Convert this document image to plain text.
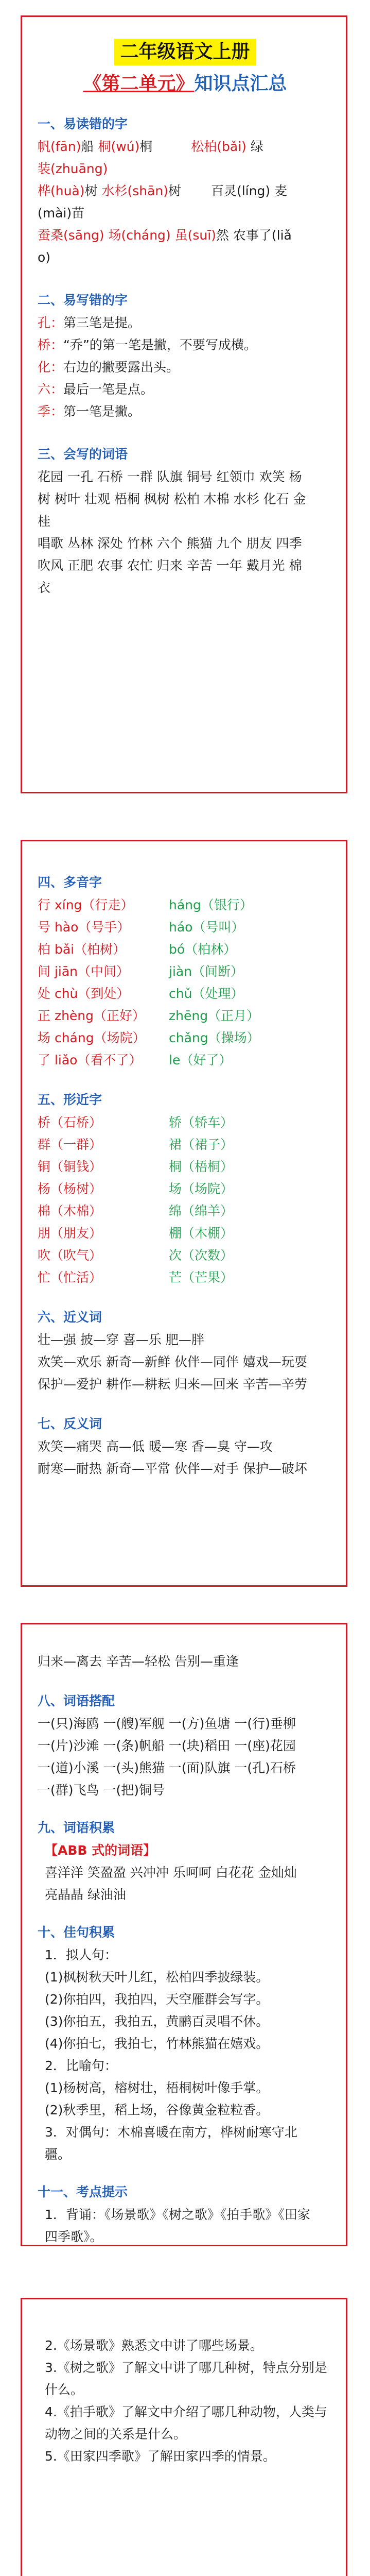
二年级语文上册
《第二单元》知识点汇总
一、易读错的字
帆(fān)船 桐(wú)桐　　　松柏(bǎi) 绿
装(zhuāng)
桦(huà)树 水杉(shān)树 　　百灵(líng) 麦
(mài)苗
蚕桑(sāng) 场(cháng) 虽(suī)然 农事了(liǎ
o)
二、易写错的字
孔：第三笔是提。
桥：“乔”的第一笔是撇，不要写成横。
化：右边的撇要露出头。
六：最后一笔是点。
季：第一笔是撇。
三、会写的词语
花园 一孔 石桥 一群 队旗 铜号 红领巾 欢笑 杨
树 树叶 壮观 梧桐 枫树 松柏 木棉 水杉 化石 金
桂
唱歌 丛林 深处 竹林 六个 熊猫 九个 朋友 四季
吹风 正肥 农事 农忙 归来 辛苦 一年 戴月光 棉
衣
四、多音字
行 xíng（行走）	háng（银行）
号 hào（号手）	háo（号叫）
柏 bǎi（柏树）	bó（柏林）
间 jiān（中间）	jiàn（间断）
处 chù（到处）	chǔ（处理）
正 zhèng（正好）	zhēng（正月）
场 cháng（场院）	chǎng（操场）
了 liǎo（看不了）	le（好了）
五、形近字
桥（石桥）	轿（轿车）
群（一群）	裙（裙子）
铜（铜钱）	桐（梧桐）
杨（杨树）	场（场院）
棉（木棉）	绵（绵羊）
朋（朋友）	棚（木棚）
吹（吹气）	次（次数）
忙（忙活）	芒（芒果）
六、近义词
壮—强 披—穿 喜—乐 肥—胖
欢笑—欢乐 新奇—新鲜 伙伴—同伴 嬉戏—玩耍
保护—爱护 耕作—耕耘 归来—回来 辛苦—辛劳
七、反义词
欢笑—痛哭 高—低 暖—寒 香—臭 守—攻
耐寒—耐热 新奇—平常 伙伴—对手 保护—破坏
归来—离去 辛苦—轻松 告别—重逢
八、词语搭配
一(只)海鸥 一(艘)军舰 一(方)鱼塘 一(行)垂柳
一(片)沙滩 一(条)帆船 一(块)稻田 一(座)花园
一(道)小溪 一(头)熊猫 一(面)队旗 一(孔)石桥
一(群)飞鸟 一(把)铜号
九、词语积累
【ABB 式的词语】
喜洋洋 笑盈盈 兴冲冲 乐呵呵 白花花 金灿灿
亮晶晶 绿油油
十、佳句积累
1．拟人句：
(1)枫树秋天叶儿红，松柏四季披绿装。
(2)你拍四，我拍四，天空雁群会写字。
(3)你拍五，我拍五，黄鹂百灵唱不休。
(4)你拍七，我拍七，竹林熊猫在嬉戏。
2．比喻句：
(1)杨树高，榕树壮，梧桐树叶像手掌。
(2)秋季里，稻上场，谷像黄金粒粒香。
3．对偶句：木棉喜暖在南方，桦树耐寒守北
疆。
十一、考点提示
1．背诵：《场景歌》《树之歌》《拍手歌》《田家
四季歌》。
2.《场景歌》熟悉文中讲了哪些场景。
3.《树之歌》了解文中讲了哪几种树，特点分别是
什么。
4.《拍手歌》了解文中介绍了哪几种动物，人类与
动物之间的关系是什么。
5.《田家四季歌》了解田家四季的情景。
